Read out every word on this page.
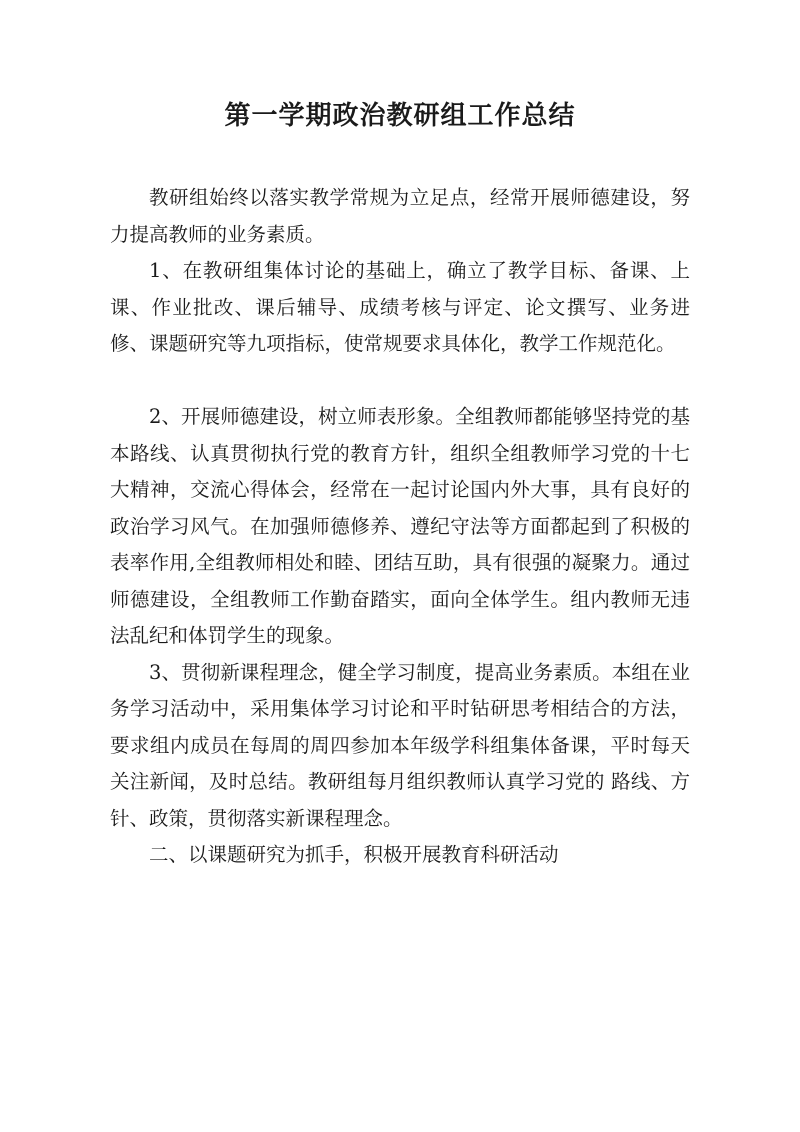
第一学期政治教研组工作总结

教研组始终以落实教学常规为立足点，经常开展师德建设，努力提高教师的业务素质。

1、在教研组集体讨论的基础上，确立了教学目标、备课、上课、作业批改、课后辅导、成绩考核与评定、论文撰写、业务进修、课题研究等九项指标，使常规要求具体化，教学工作规范化。

2、开展师德建设，树立师表形象。全组教师都能够坚持党的基本路线、认真贯彻执行党的教育方针，组织全组教师学习党的十七大精神，交流心得体会，经常在一起讨论国内外大事，具有良好的政治学习风气。在加强师德修养、遵纪守法等方面都起到了积极的表率作用,全组教师相处和睦、团结互助，具有很强的凝聚力。通过师德建设，全组教师工作勤奋踏实，面向全体学生。组内教师无违法乱纪和体罚学生的现象。

3、贯彻新课程理念，健全学习制度，提高业务素质。本组在业务学习活动中，采用集体学习讨论和平时钻研思考相结合的方法，要求组内成员在每周的周四参加本年级学科组集体备课，平时每天关注新闻，及时总结。教研组每月组织教师认真学习党的 路线、方针、政策，贯彻落实新课程理念。

二、以课题研究为抓手，积极开展教育科研活动
